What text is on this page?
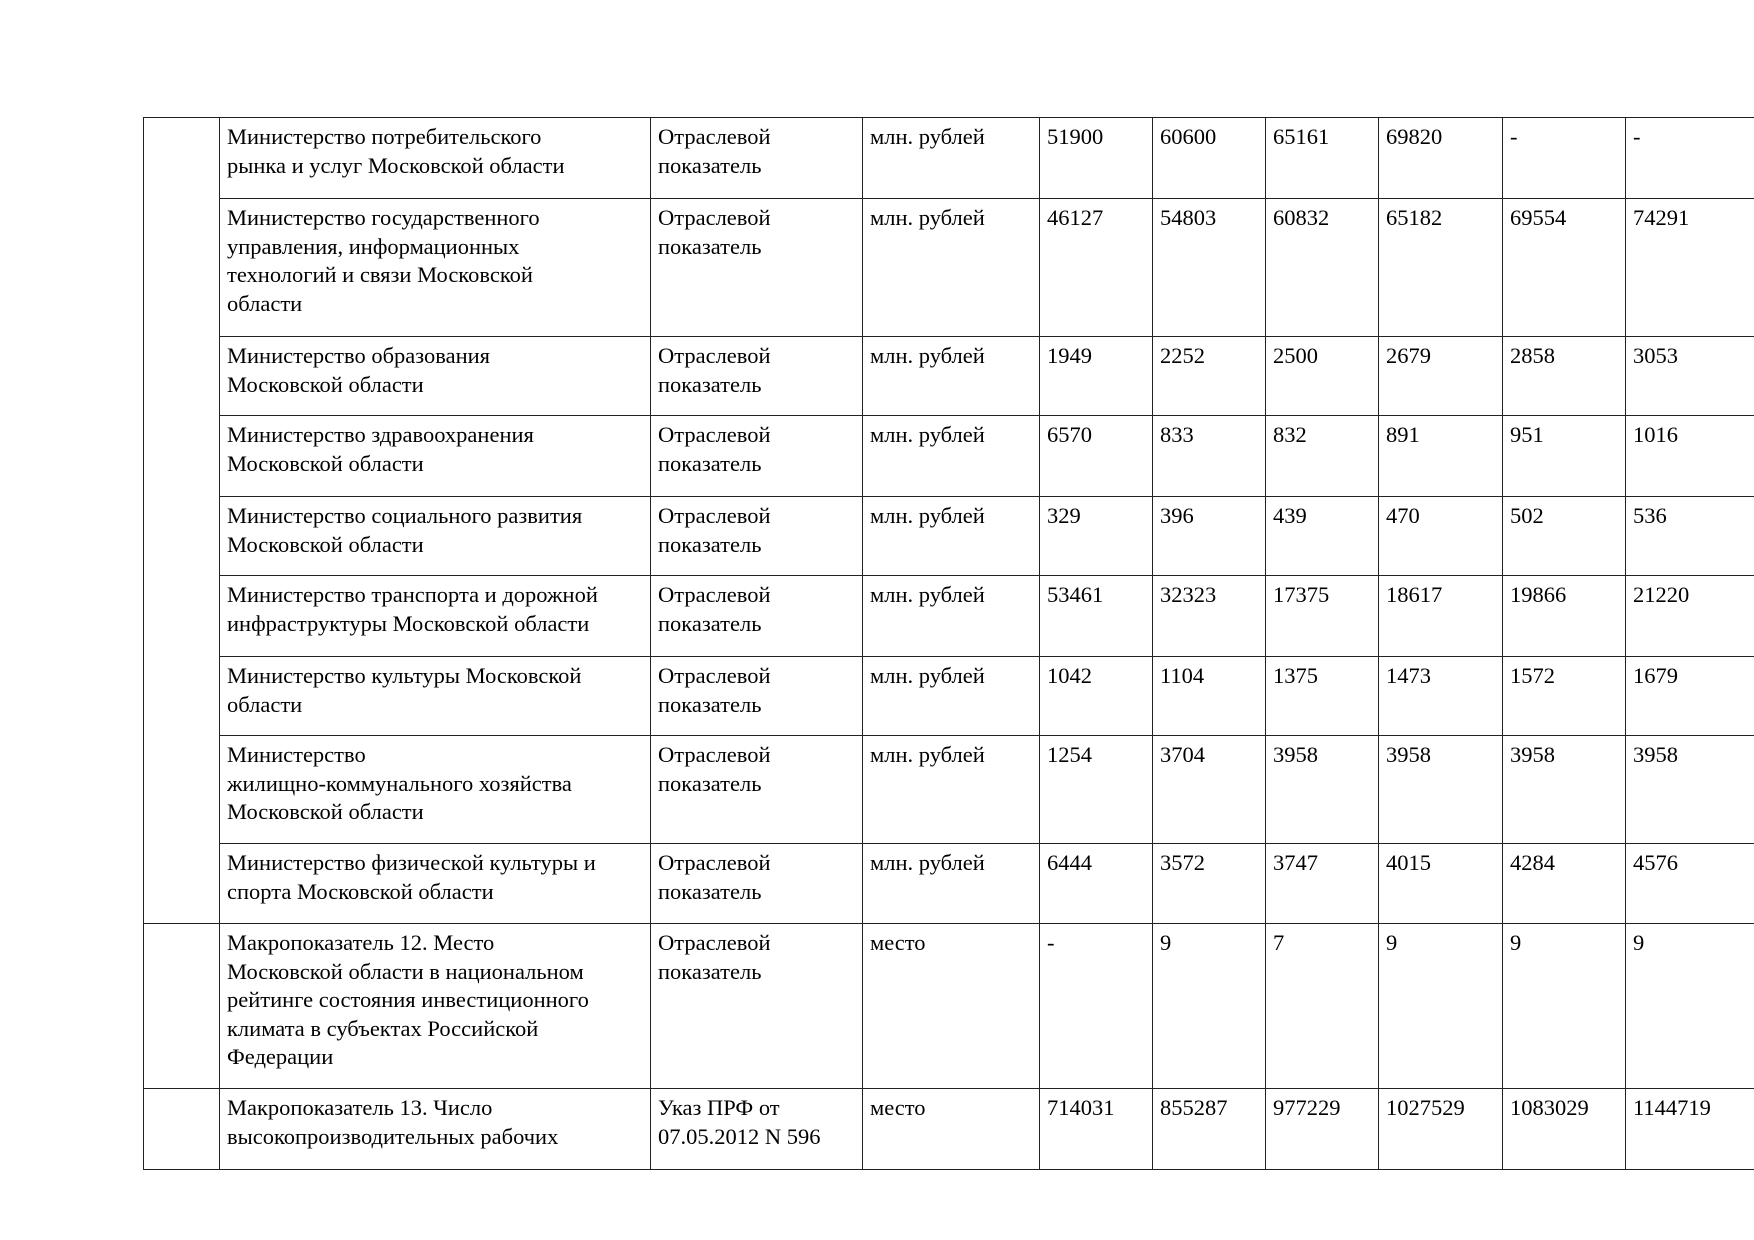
	Министерство потребительского
рынка и услуг Московской области	Отраслевой
показатель	млн. рублей	51900	60600	65161	69820	-	-
	Министерство государственного
управления, информационных
технологий и связи Московской
области	Отраслевой
показатель	млн. рублей	46127	54803	60832	65182	69554	74291
	Министерство образования
Московской области	Отраслевой
показатель	млн. рублей	1949	2252	2500	2679	2858	3053
	Министерство здравоохранения
Московской области	Отраслевой
показатель	млн. рублей	6570	833	832	891	951	1016
	Министерство социального развития
Московской области	Отраслевой
показатель	млн. рублей	329	396	439	470	502	536
	Министерство транспорта и дорожной
инфраструктуры Московской области	Отраслевой
показатель	млн. рублей	53461	32323	17375	18617	19866	21220
	Министерство культуры Московской
области	Отраслевой
показатель	млн. рублей	1042	1104	1375	1473	1572	1679
	Министерство
жилищно-коммунального хозяйства
Московской области	Отраслевой
показатель	млн. рублей	1254	3704	3958	3958	3958	3958
	Министерство физической культуры и
спорта Московской области	Отраслевой
показатель	млн. рублей	6444	3572	3747	4015	4284	4576
	Макропоказатель 12. Место
Московской области в национальном
рейтинге состояния инвестиционного
климата в субъектах Российской
Федерации	Отраслевой
показатель	место	-	9	7	9	9	9
	Макропоказатель 13. Число
высокопроизводительных рабочих	Указ ПРФ от
07.05.2012 N 596	место	714031	855287	977229	1027529	1083029	1144719
